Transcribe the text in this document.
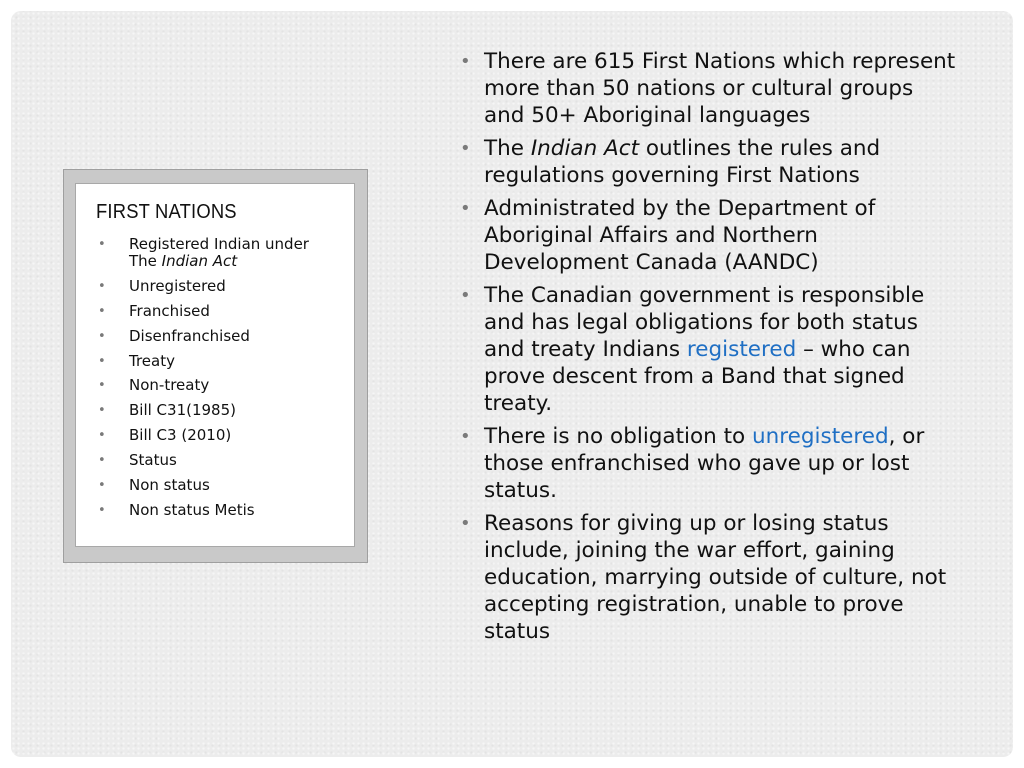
FIRST NATIONS
• Registered Indian under
The Indian Act
• Unregistered
• Franchised
• Disenfranchised
• Treaty
• Non-treaty
• Bill C31(1985)
• Bill C3 (2010)
• Status
• Non status
• Non status Metis
• There are 615 First Nations which represent more than 50 nations or cultural groups and 50+ Aboriginal languages
• The Indian Act outlines the rules and regulations governing First Nations
• Administrated by the Department of Aboriginal Affairs and Northern Development Canada (AANDC)
• The Canadian government is responsible and has legal obligations for both status and treaty Indians registered – who can prove descent from a Band that signed treaty.
• There is no obligation to unregistered, or those enfranchised who gave up or lost status.
• Reasons for giving up or losing status include, joining the war effort, gaining education, marrying outside of culture, not accepting registration, unable to prove status
